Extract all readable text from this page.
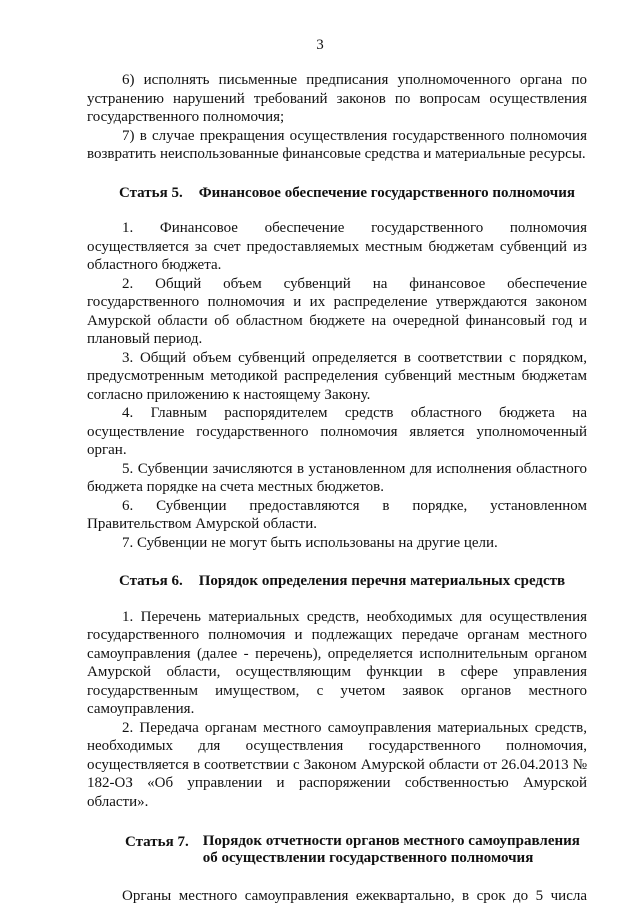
3

6) исполнять письменные предписания уполномоченного органа по устранению нарушений требований законов по вопросам осуществления государственного полномочия;

7) в случае прекращения осуществления государственного полномочия возвратить неиспользованные финансовые средства и материальные ресурсы.

Статья 5. Финансовое обеспечение государственного полномочия

1. Финансовое обеспечение государственного полномочия осуществляется за счет предоставляемых местным бюджетам субвенций из областного бюджета.

2. Общий объем субвенций на финансовое обеспечение государственного полномочия и их распределение утверждаются законом Амурской области об областном бюджете на очередной финансовый год и плановый период.

3. Общий объем субвенций определяется в соответствии с порядком, предусмотренным методикой распределения субвенций местным бюджетам согласно приложению к настоящему Закону.

4. Главным распорядителем средств областного бюджета на осуществление государственного полномочия является уполномоченный орган.

5. Субвенции зачисляются в установленном для исполнения областного бюджета порядке на счета местных бюджетов.

6. Субвенции предоставляются в порядке, установленном Правительством Амурской области.

7. Субвенции не могут быть использованы на другие цели.

Статья 6. Порядок определения перечня материальных средств

1. Перечень материальных средств, необходимых для осуществления государственного полномочия и подлежащих передаче органам местного самоуправления (далее - перечень), определяется исполнительным органом Амурской области, осуществляющим функции в сфере управления государственным имуществом, с учетом заявок органов местного самоуправления.

2. Передача органам местного самоуправления материальных средств, необходимых для осуществления государственного полномочия, осуществляется в соответствии с Законом Амурской области от 26.04.2013 № 182-ОЗ «Об управлении и распоряжении собственностью Амурской области».

Статья 7. Порядок отчетности органов местного самоуправления об осуществлении государственного полномочия

Органы местного самоуправления ежеквартально, в срок до 5 числа
